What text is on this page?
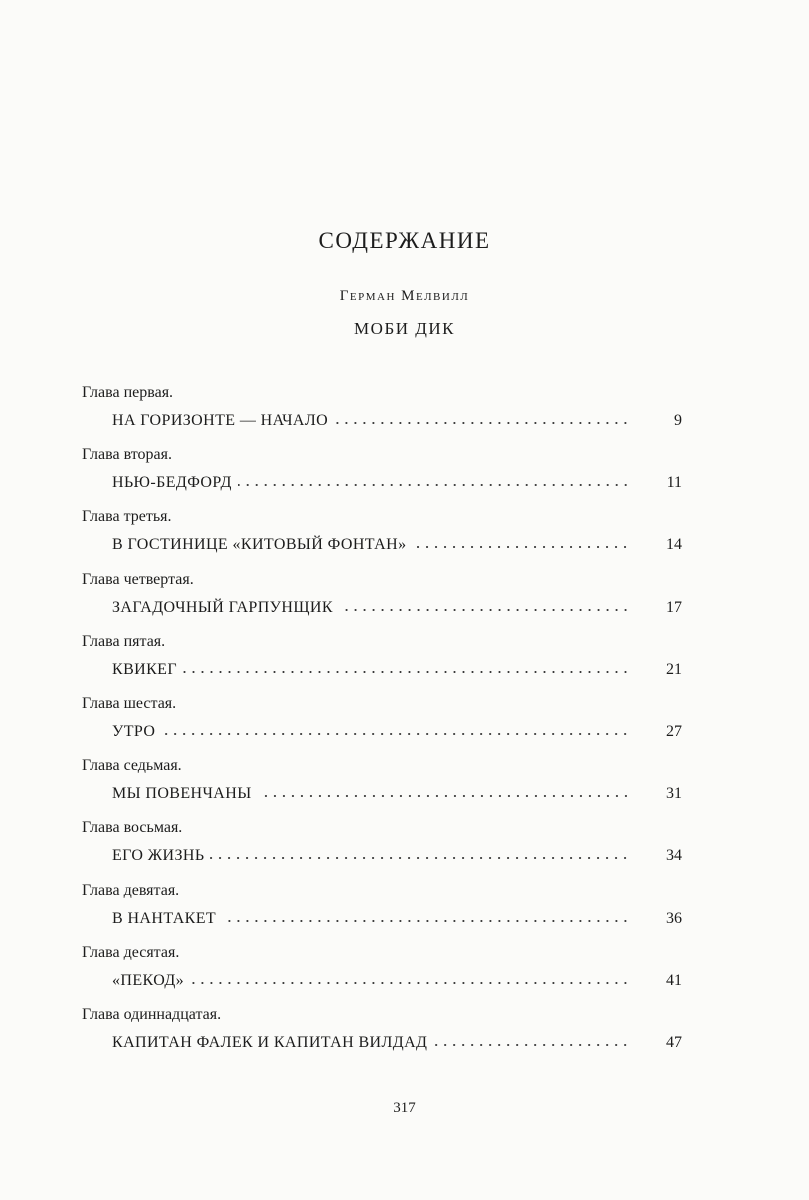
СОДЕРЖАНИЕ
Герман Мелвилл
МОБИ ДИК
Глава первая.
НА ГОРИЗОНТЕ — НАЧАЛО	9
Глава вторая.
НЬЮ-БЕДФОРД	11
Глава третья.
В ГОСТИНИЦЕ «КИТОВЫЙ ФОНТАН»	14
Глава четвертая.
ЗАГАДОЧНЫЙ ГАРПУНЩИК	17
Глава пятая.
КВИКЕГ	21
Глава шестая.
УТРО	27
Глава седьмая.
МЫ ПОВЕНЧАНЫ	31
Глава восьмая.
ЕГО ЖИЗНЬ	34
Глава девятая.
В НАНТАКЕТ	36
Глава десятая.
«ПЕКОД»	41
Глава одиннадцатая.
КАПИТАН ФАЛЕК И КАПИТАН ВИЛДАД	47
317
